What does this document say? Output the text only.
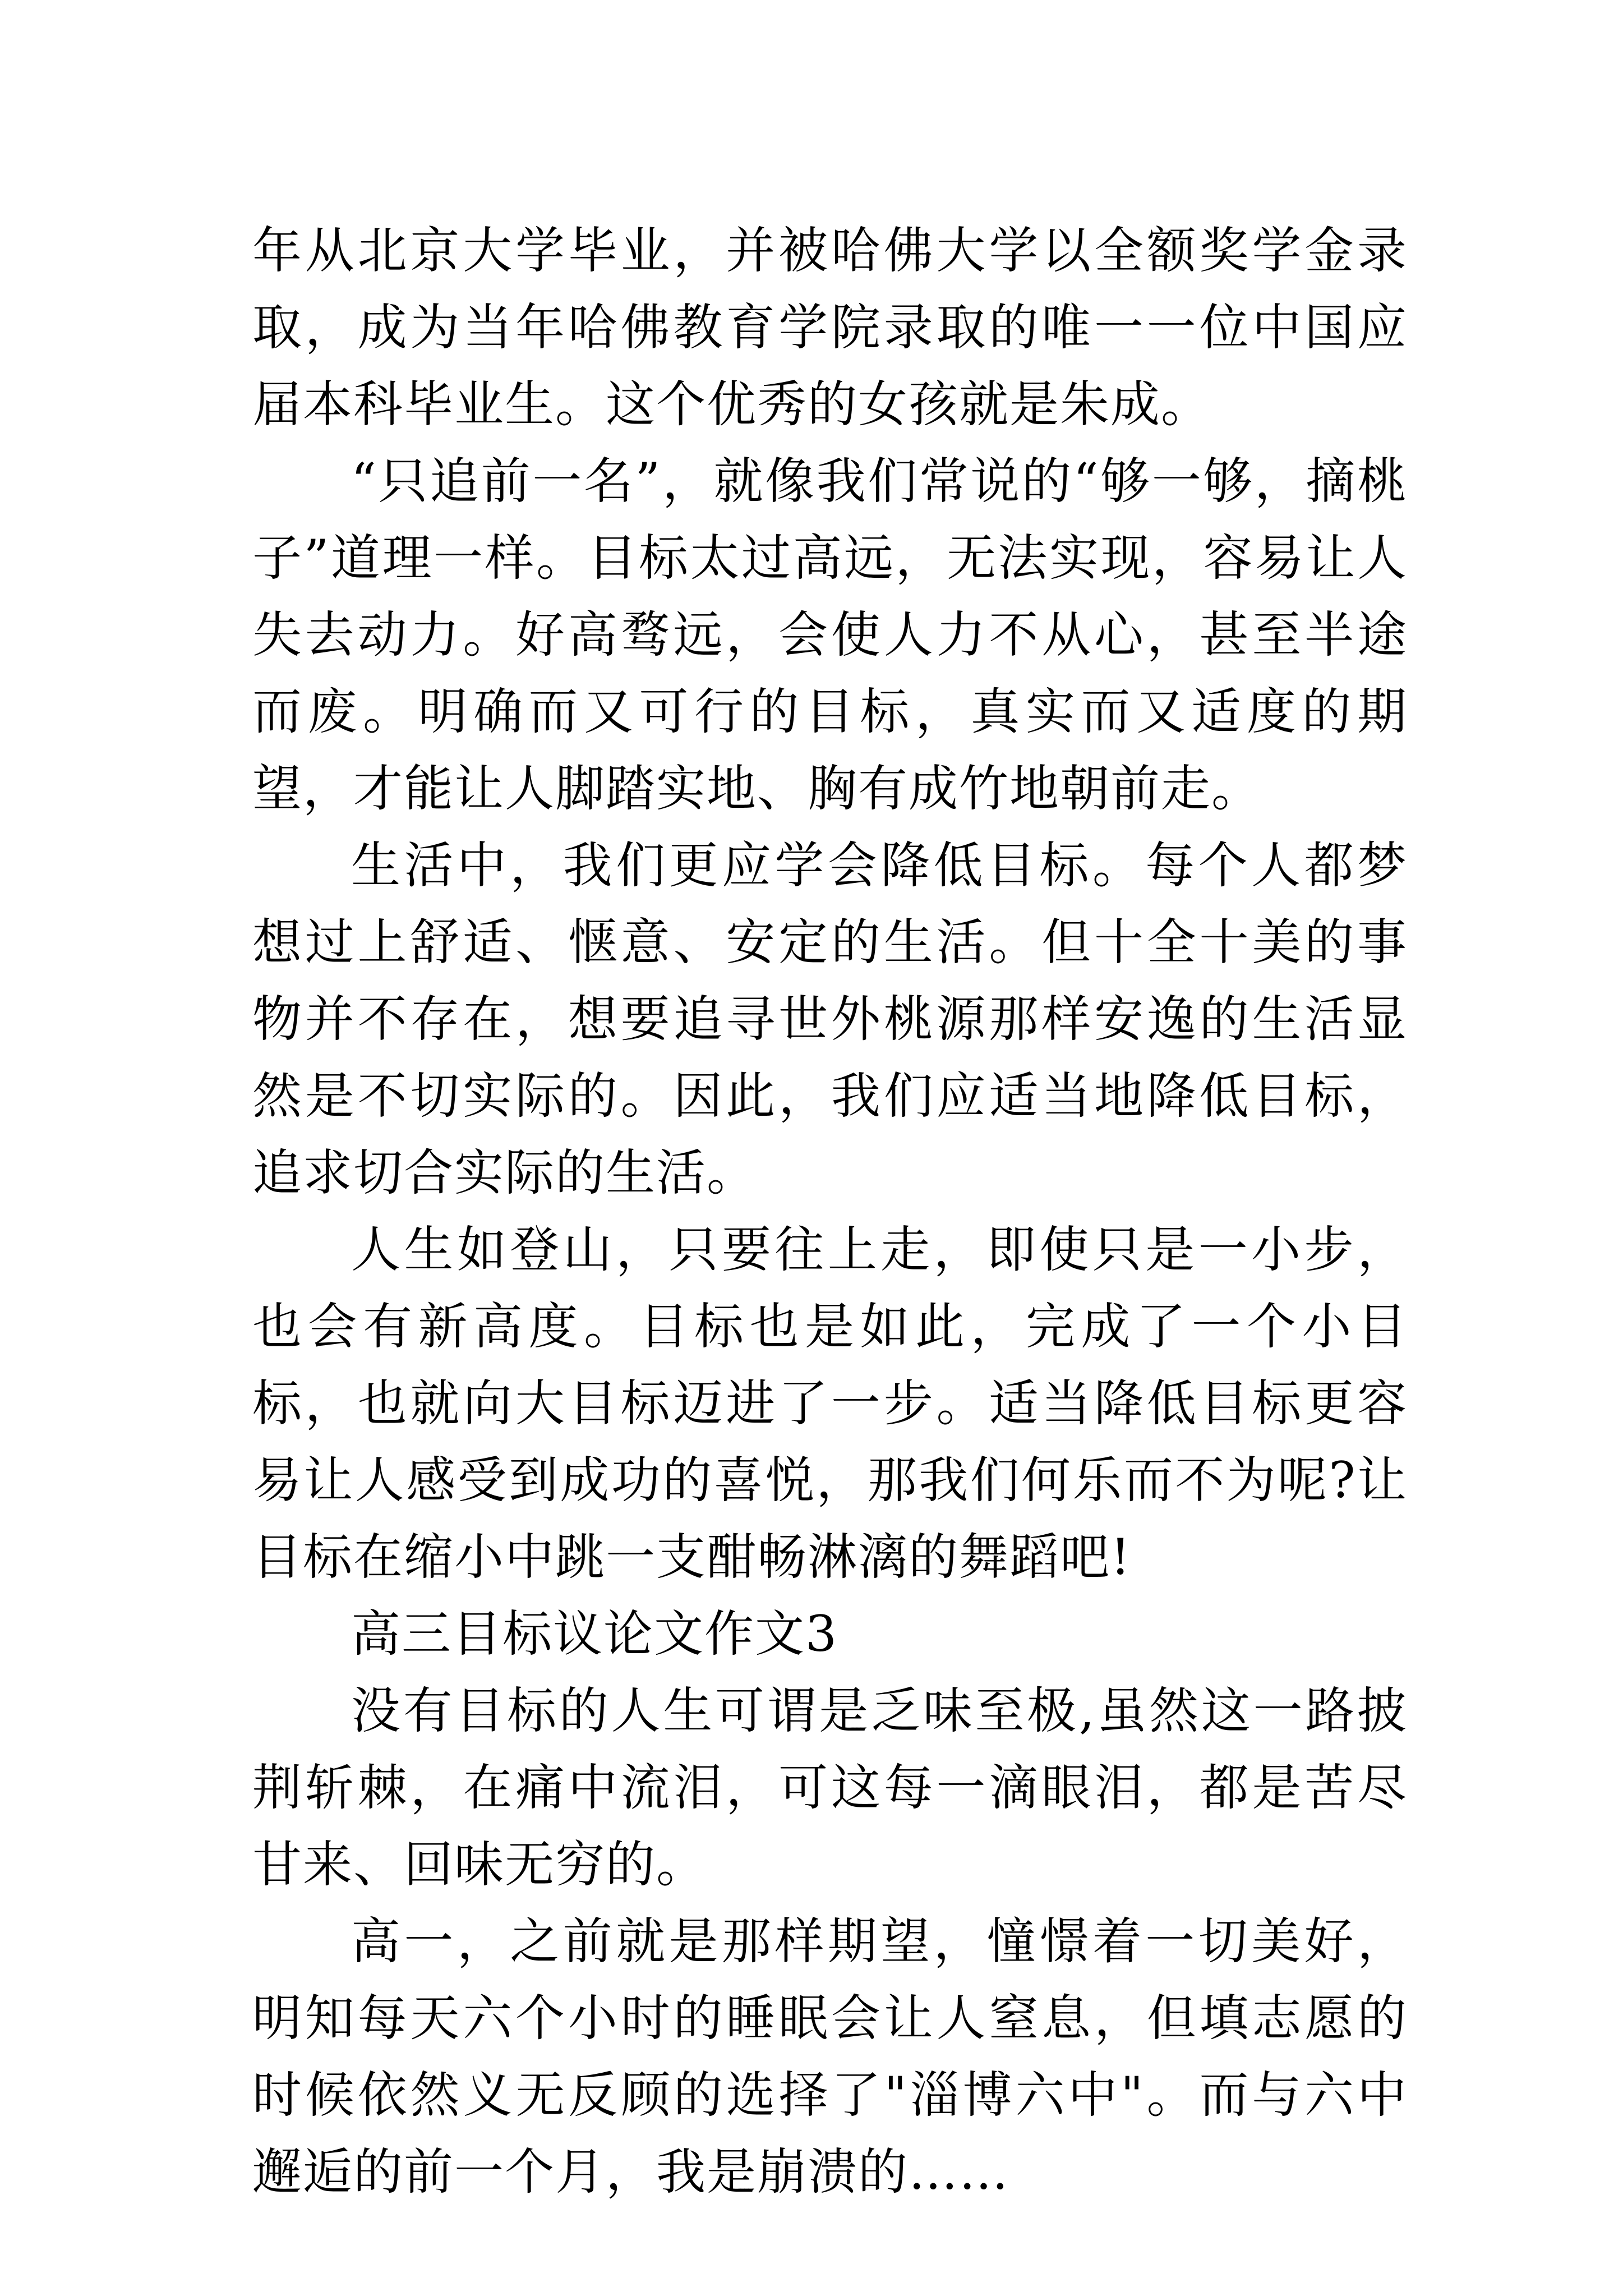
年从北京大学毕业，并被哈佛大学以全额奖学金录取，成为当年哈佛教育学院录取的唯一一位中国应届本科毕业生。这个优秀的女孩就是朱成。

“只追前一名”，就像我们常说的“够一够，摘桃子”道理一样。目标太过高远，无法实现，容易让人失去动力。好高骛远，会使人力不从心，甚至半途而废。明确而又可行的目标，真实而又适度的期望，才能让人脚踏实地、胸有成竹地朝前走。

生活中，我们更应学会降低目标。每个人都梦想过上舒适、惬意、安定的生活。但十全十美的事物并不存在，想要追寻世外桃源那样安逸的生活显然是不切实际的。因此，我们应适当地降低目标，追求切合实际的生活。

人生如登山，只要往上走，即使只是一小步，也会有新高度。目标也是如此，完成了一个小目标，也就向大目标迈进了一步。适当降低目标更容易让人感受到成功的喜悦，那我们何乐而不为呢?让目标在缩小中跳一支酣畅淋漓的舞蹈吧!

高三目标议论文作文3

没有目标的人生可谓是乏味至极,虽然这一路披荆斩棘，在痛中流泪，可这每一滴眼泪，都是苦尽甘来、回味无穷的。

高一，之前就是那样期望，憧憬着一切美好，明知每天六个小时的睡眠会让人窒息，但填志愿的时候依然义无反顾的选择了"淄博六中"。而与六中邂逅的前一个月，我是崩溃的……
